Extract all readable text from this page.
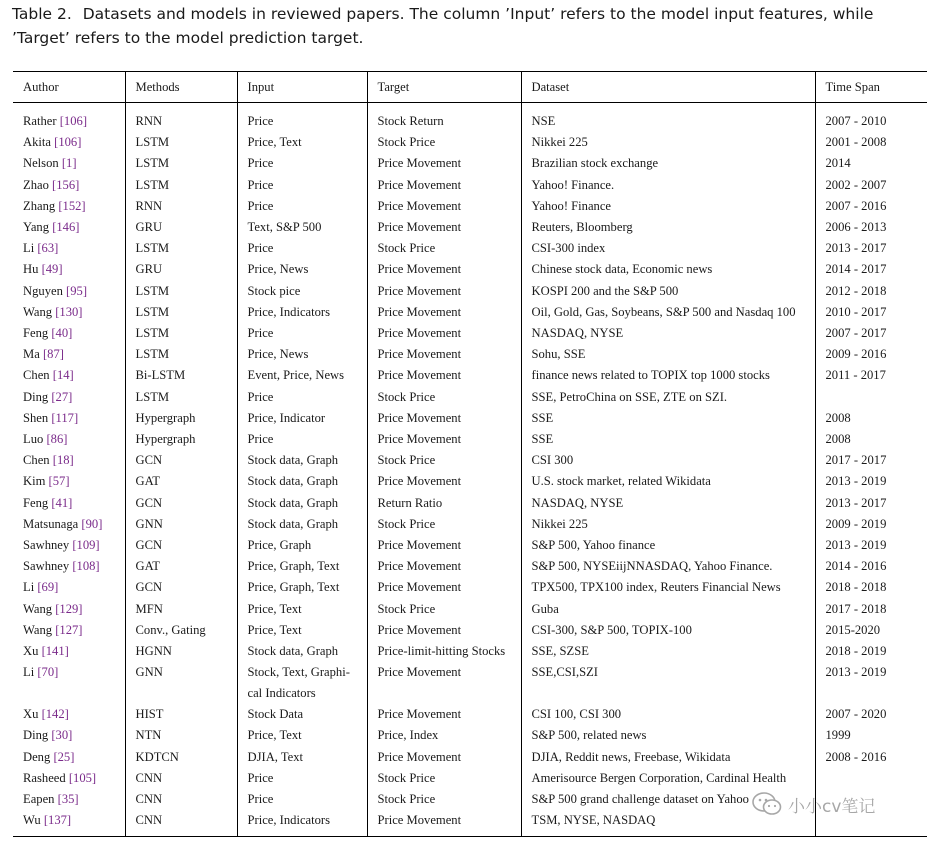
Table 2. Datasets and models in reviewed papers. The column ’Input’ refers to the model input features, while ’Target’ refers to the model prediction target.
Author	Methods	Input	Target	Dataset	Time Span
Rather [106]	RNN	Price	Stock Return	NSE	2007 - 2010
Akita [106]	LSTM	Price, Text	Stock Price	Nikkei 225	2001 - 2008
Nelson [1]	LSTM	Price	Price Movement	Brazilian stock exchange	2014
Zhao [156]	LSTM	Price	Price Movement	Yahoo! Finance.	2002 - 2007
Zhang [152]	RNN	Price	Price Movement	Yahoo! Finance	2007 - 2016
Yang [146]	GRU	Text, S&P 500	Price Movement	Reuters, Bloomberg	2006 - 2013
Li [63]	LSTM	Price	Stock Price	CSI-300 index	2013 - 2017
Hu [49]	GRU	Price, News	Price Movement	Chinese stock data, Economic news	2014 - 2017
Nguyen [95]	LSTM	Stock pice	Price Movement	KOSPI 200 and the S&P 500	2012 - 2018
Wang [130]	LSTM	Price, Indicators	Price Movement	Oil, Gold, Gas, Soybeans, S&P 500 and Nasdaq 100	2010 - 2017
Feng [40]	LSTM	Price	Price Movement	NASDAQ, NYSE	2007 - 2017
Ma [87]	LSTM	Price, News	Price Movement	Sohu, SSE	2009 - 2016
Chen [14]	Bi-LSTM	Event, Price, News	Price Movement	finance news related to TOPIX top 1000 stocks	2011 - 2017
Ding [27]	LSTM	Price	Stock Price	SSE, PetroChina on SSE, ZTE on SZI.	
Shen [117]	Hypergraph	Price, Indicator	Price Movement	SSE	2008
Luo [86]	Hypergraph	Price	Price Movement	SSE	2008
Chen [18]	GCN	Stock data, Graph	Stock Price	CSI 300	2017 - 2017
Kim [57]	GAT	Stock data, Graph	Price Movement	U.S. stock market, related Wikidata	2013 - 2019
Feng [41]	GCN	Stock data, Graph	Return Ratio	NASDAQ, NYSE	2013 - 2017
Matsunaga [90]	GNN	Stock data, Graph	Stock Price	Nikkei 225	2009 - 2019
Sawhney [109]	GCN	Price, Graph	Price Movement	S&P 500, Yahoo finance	2013 - 2019
Sawhney [108]	GAT	Price, Graph, Text	Price Movement	S&P 500, NYSEiijNNASDAQ, Yahoo Finance.	2014 - 2016
Li [69]	GCN	Price, Graph, Text	Price Movement	TPX500, TPX100 index, Reuters Financial News	2018 - 2018
Wang [129]	MFN	Price, Text	Stock Price	Guba	2017 - 2018
Wang [127]	Conv., Gating	Price, Text	Price Movement	CSI-300, S&P 500, TOPIX-100	2015-2020
Xu [141]	HGNN	Stock data, Graph	Price-limit-hitting Stocks	SSE, SZSE	2018 - 2019
Li [70]	GNN	Stock, Text, Graphi- cal Indicators	Price Movement	SSE,CSI,SZI	2013 - 2019
Xu [142]	HIST	Stock Data	Price Movement	CSI 100, CSI 300	2007 - 2020
Ding [30]	NTN	Price, Text	Price, Index	S&P 500, related news	1999
Deng [25]	KDTCN	DJIA, Text	Price Movement	DJIA, Reddit news, Freebase, Wikidata	2008 - 2016
Rasheed [105]	CNN	Price	Stock Price	Amerisource Bergen Corporation, Cardinal Health	
Eapen [35]	CNN	Price	Stock Price	S&P 500 grand challenge dataset on Yahoo	
Wu [137]	CNN	Price, Indicators	Price Movement	TSM, NYSE, NASDAQ	
小小cv笔记
